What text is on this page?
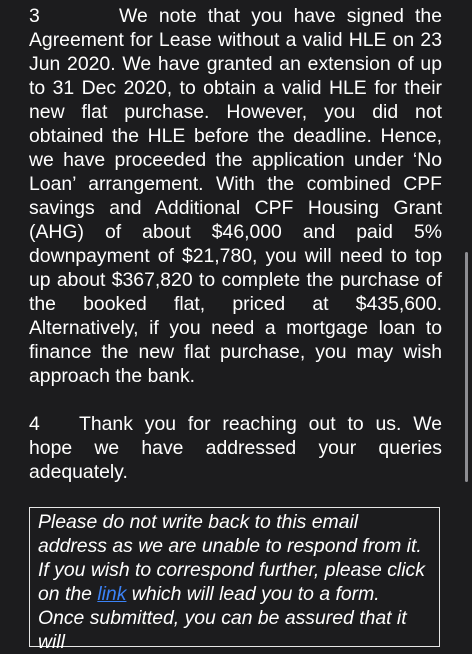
3	We note that you have signed the Agreement for Lease without a valid HLE on 23 Jun 2020. We have granted an extension of up to 31 Dec 2020, to obtain a valid HLE for their new flat purchase. However, you did not obtained the HLE before the deadline. Hence, we have proceeded the application under ‘No Loan’ arrangement. With the combined CPF savings and Additional CPF Housing Grant (AHG) of about $46,000 and paid 5% downpayment of $21,780, you will need to top up about $367,820 to complete the purchase of the booked flat, priced at $435,600. Alternatively, if you need a mortgage loan to finance the new flat purchase, you may wish approach the bank.

4 Thank you for reaching out to us. We hope we have addressed your queries adequately.

Please do not write back to this email address as we are unable to respond from it. If you wish to correspond further, please click on the link which will lead you to a form. Once submitted, you can be assured that it will
